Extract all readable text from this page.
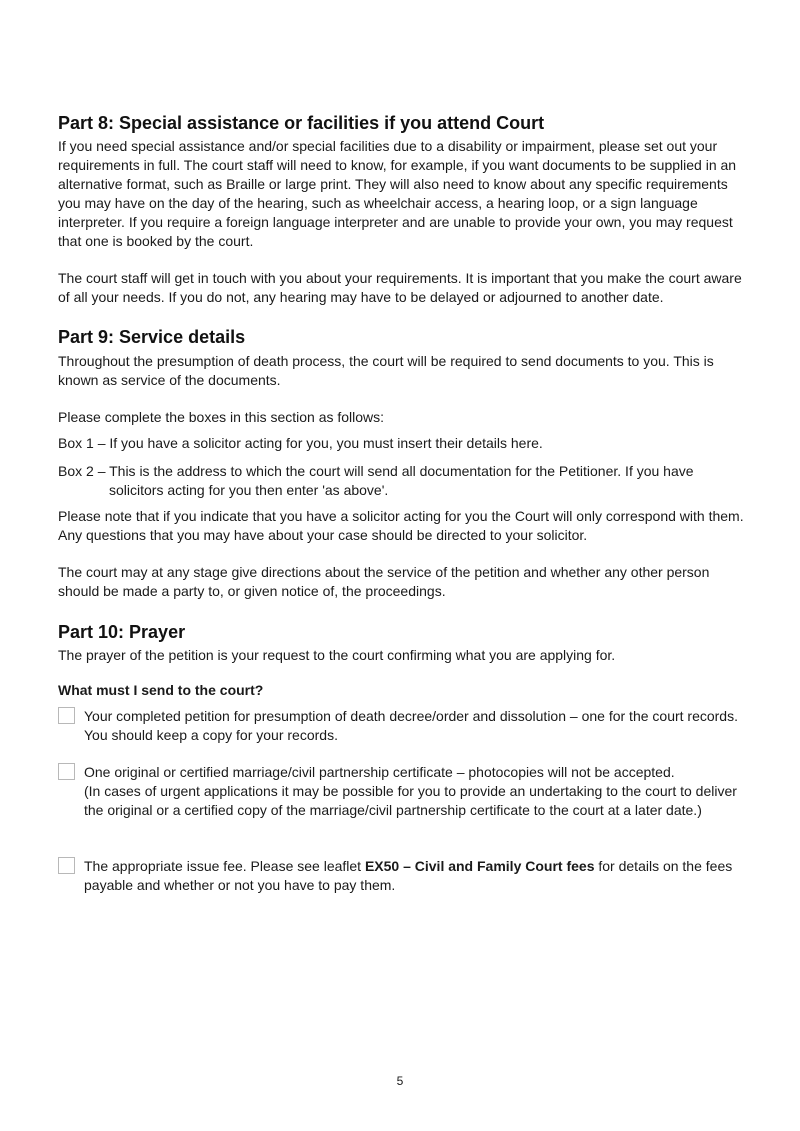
Part 8: Special assistance or facilities if you attend Court

If you need special assistance and/or special facilities due to a disability or impairment, please set out your requirements in full. The court staff will need to know, for example, if you want documents to be supplied in an alternative format, such as Braille or large print. They will also need to know about any specific requirements you may have on the day of the hearing, such as wheelchair access, a hearing loop, or a sign language interpreter. If you require a foreign language interpreter and are unable to provide your own, you may request that one is booked by the court.

The court staff will get in touch with you about your requirements. It is important that you make the court aware of all your needs. If you do not, any hearing may have to be delayed or adjourned to another date.

Part 9: Service details

Throughout the presumption of death process, the court will be required to send documents to you. This is known as service of the documents.

Please complete the boxes in this section as follows:

Box 1 – If you have a solicitor acting for you, you must insert their details here.

Box 2 – This is the address to which the court will send all documentation for the Petitioner. If you have solicitors acting for you then enter 'as above'.

Please note that if you indicate that you have a solicitor acting for you the Court will only correspond with them. Any questions that you may have about your case should be directed to your solicitor.

The court may at any stage give directions about the service of the petition and whether any other person should be made a party to, or given notice of, the proceedings.

Part 10: Prayer

The prayer of the petition is your request to the court confirming what you are applying for.

What must I send to the court?
Your completed petition for presumption of death decree/order and dissolution – one for the court records. You should keep a copy for your records.
One original or certified marriage/civil partnership certificate – photocopies will not be accepted.
(In cases of urgent applications it may be possible for you to provide an undertaking to the court to deliver the original or a certified copy of the marriage/civil partnership certificate to the court at a later date.)
The appropriate issue fee. Please see leaflet EX50 – Civil and Family Court fees for details on the fees payable and whether or not you have to pay them.
5
